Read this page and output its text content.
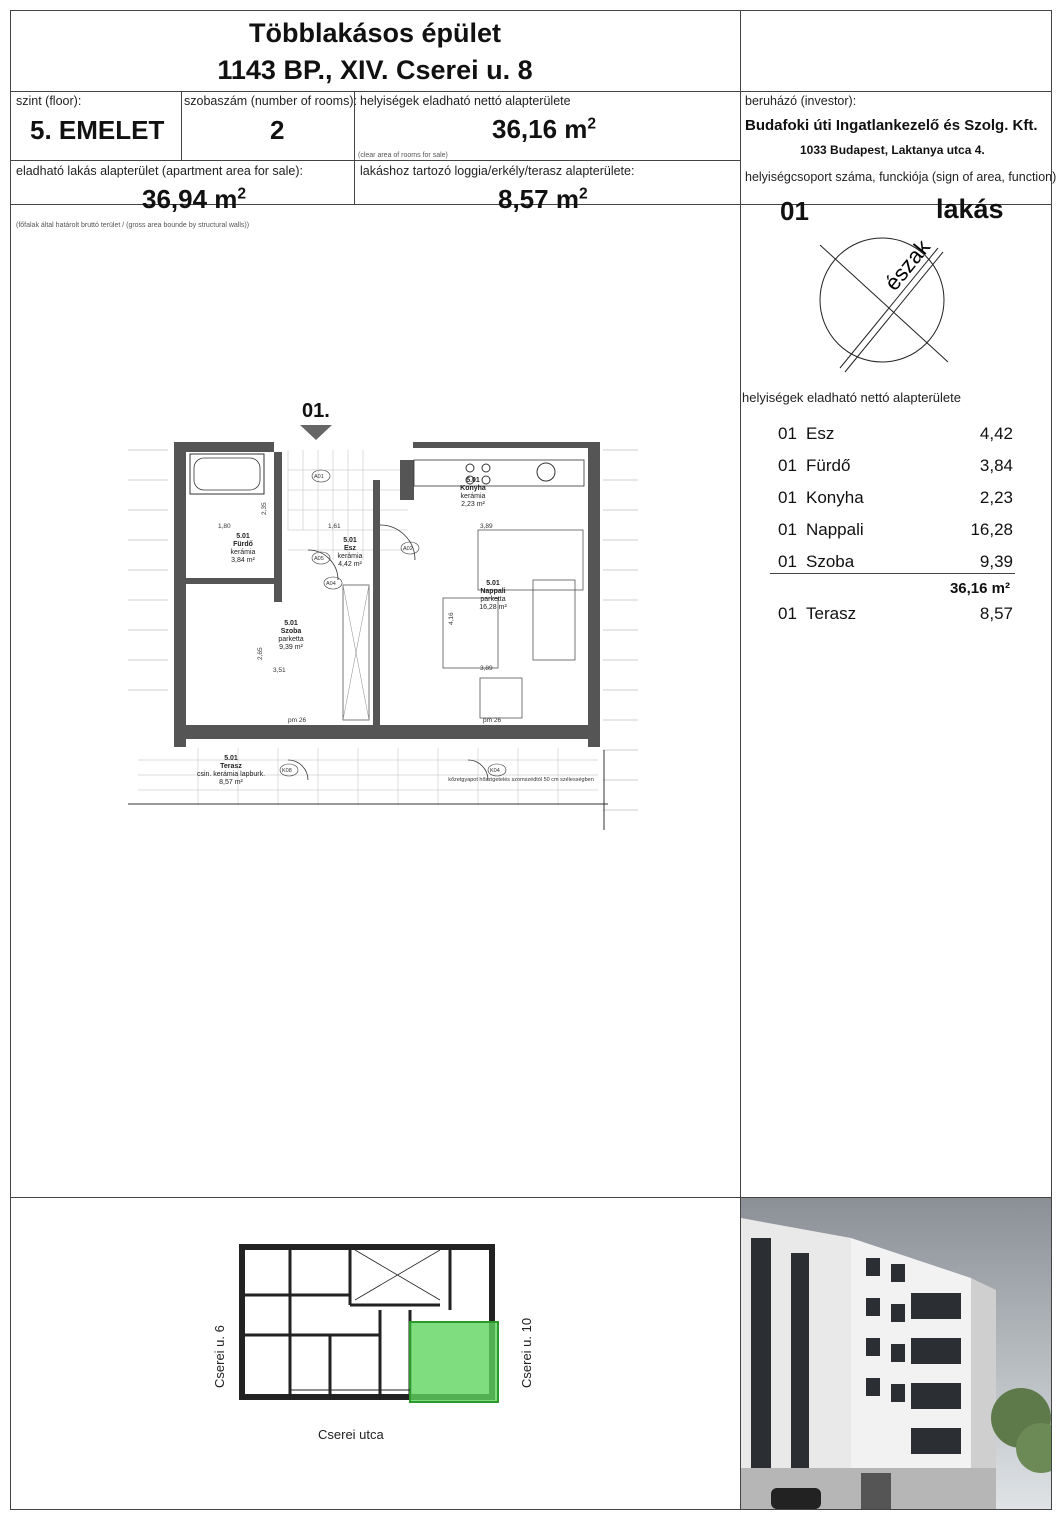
Többlakásos épület
1143 BP., XIV. Cserei u. 8
szint (floor):
5. EMELET
szobaszám (number of rooms):
2
helyiségek eladható nettó alapterülete
36,16 $m^2$
(clear area of rooms for sale)
beruházó (investor):
Budafoki úti Ingatlankezelő és Szolg. Kft.
1033 Budapest, Laktanya utca 4.
eladható lakás alapterület (apartment area for sale):
36,94 $m^2$
(főfalak által határolt bruttó terület / (gross area bounde by structural walls))
lakáshoz tartozó loggia/erkély/terasz alapterülete:
8,57 $m^2$
helyiségcsoport száma, funckiója (sign of area, function)
01	lakás
észak
helyiségek eladható nettó alapterülete
01 Esz	4,42
01 Fürdő	3,84
01 Konyha	2,23
01 Nappali	16,28
01 Szoba	9,39
36,16 m²
01 Terasz	8,57
01.
5.01
Fürdő
kerámia
3,84 m²
5.01
Esz
kerámia
4,42 m²
5.01
Konyha
kerámia
2,23 m²
5.01
Nappali
parketta
16,28 m²
5.01
Szoba
parketta
9,39 m²
5.01
Terasz
csin. kerámia lapburk.
8,57 m²
1,61	3,89
3,89
3,51
4,16
2,65
1,80
2,35
A01
A02
A04
A05
K04
K08
kőzetgyapot hőszigetelés szomszédtól 50 cm szélességben
pm 26	pm 26
Cserei u. 6	Cserei u. 10
Cserei utca
